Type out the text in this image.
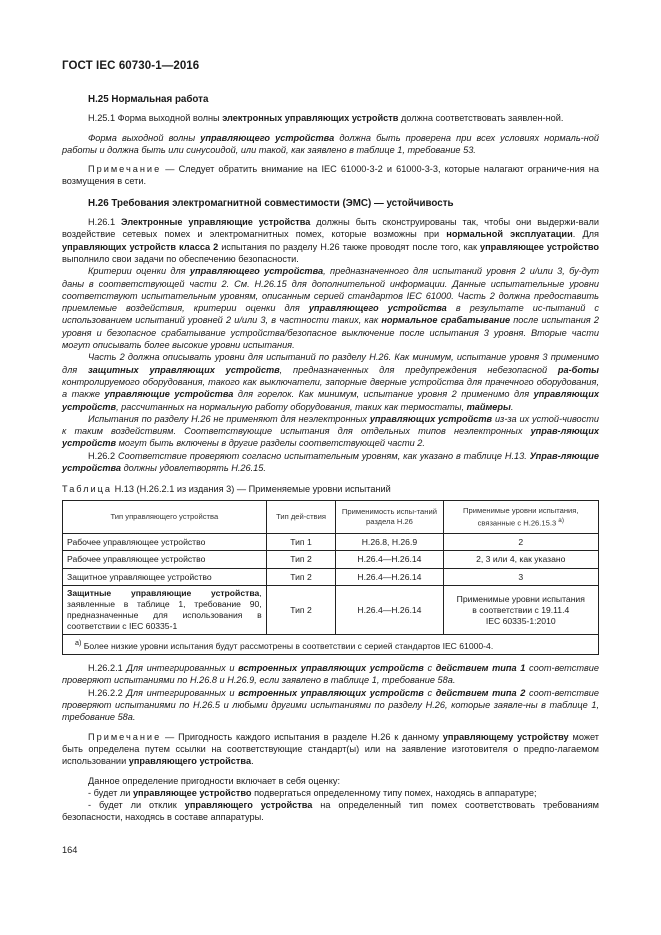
ГОСТ IEC 60730-1—2016
Н.25 Нормальная работа

Н.25.1 Форма выходной волны электронных управляющих устройств должна соответствовать заявлен-ной.

Форма выходной волны управляющего устройства должна быть проверена при всех условиях нормаль-ной работы и должна быть или синусоидой, или такой, как заявлено в таблице 1, требование 53.

Примечание — Следует обратить внимание на IEC 61000-3-2 и 61000-3-3, которые налагают ограниче-ния на возмущения в сети.

Н.26 Требования электромагнитной совместимости (ЭМС) — устойчивость

Н.26.1 Электронные управляющие устройства должны быть сконструированы так, чтобы они выдержи-вали воздействие сетевых помех и электромагнитных помех, которые возможны при нормальной эксплуатации. Для управляющих устройств класса 2 испытания по разделу Н.26 также проводят после того, как управляющее устройство выполнило свои задачи по обеспечению безопасности.

Критерии оценки для управляющего устройства, предназначенного для испытаний уровня 2 и/или 3, бу-дут даны в соответствующей части 2. См. Н.26.15 для дополнительной информации. Данные испытательные уровни соответствуют испытательным уровням, описанным серией стандартов IEC 61000. Часть 2 должна предоставить приемлемые воздействия, критерии оценки для управляющего устройства в результате ис-пытаний с использованием испытаний уровней 2 и/или 3, в частности таких, как нормальное срабатывание после испытания 2 уровня и безопасное срабатывание устройства/безопасное выключение после испытания 3 уровня. Вторые части могут описывать более высокие уровни испытания.

Часть 2 должна описывать уровни для испытаний по разделу Н.26. Как минимум, испытание уровня 3 применимо для защитных управляющих устройств, предназначенных для предупреждения небезопасной ра-боты контролируемого оборудования, такого как выключатели, запорные дверные устройства для прачечного оборудования, а также управляющие устройства для горелок. Как минимум, испытание уровня 2 применимо для управляющих устройств, рассчитанных на нормальную работу оборудования, таких как термостаты, таймеры.

Испытания по разделу Н.26 не применяют для неэлектронных управляющих устройств из-за их устой-чивости к таким воздействиям. Соответствующие испытания для отдельных типов неэлектронных управ-ляющих устройств могут быть включены в другие разделы соответствующей части 2.

Н.26.2 Соответствие проверяют согласно испытательным уровням, как указано в таблице Н.13. Управ-ляющие устройства должны удовлетворять Н.26.15.

Таблица Н.13 (Н.26.2.1 из издания 3) — Применяемые уровни испытаний
Тип управляющего устройства	Тип дей-ствия	Применимость испы-таний раздела Н.26	Применимые уровни испытания, связанные с Н.26.15.3 $^{а)}$
Рабочее управляющее устройство	Тип 1	Н.26.8, Н.26.9	2
Рабочее управляющее устройство	Тип 2	Н.26.4—Н.26.14	2, 3 или 4, как указано
Защитное управляющее устройство	Тип 2	Н.26.4—Н.26.14	3
Защитные управляющие устройства, заявленные в таблице 1, требование 90, предназначенные для использования в соответствии с IEC 60335-1	Тип 2	Н.26.4—Н.26.14	Применимые уровни испытания
в соответствии с 19.11.4
IEC 60335-1:2010
$^{а)}$ Более низкие уровни испытания будут рассмотрены в соответствии с серией стандартов IEC 61000-4.			

Н.26.2.1 Для интегрированных и встроенных управляющих устройств с действием типа 1 соот-ветствие проверяют испытаниями по Н.26.8 и Н.26.9, если заявлено в таблице 1, требование 58а.

Н.26.2.2 Для интегрированных и встроенных управляющих устройств с действием типа 2 соот-ветствие проверяют испытаниями по Н.26.5 и любыми другими испытаниями по разделу Н.26, которые заявле-ны в таблице 1, требование 58а.

Примечание — Пригодность каждого испытания в разделе Н.26 к данному управляющему устройству может быть определена путем ссылки на соответствующие стандарт(ы) или на заявление изготовителя о предпо-лагаемом использовании управляющего устройства.

Данное определение пригодности включает в себя оценку:

- будет ли управляющее устройство подвергаться определенному типу помех, находясь в аппаратуре;

- будет ли отклик управляющего устройства на определенный тип помех соответствовать требованиям безопасности, находясь в составе аппаратуры.

164
